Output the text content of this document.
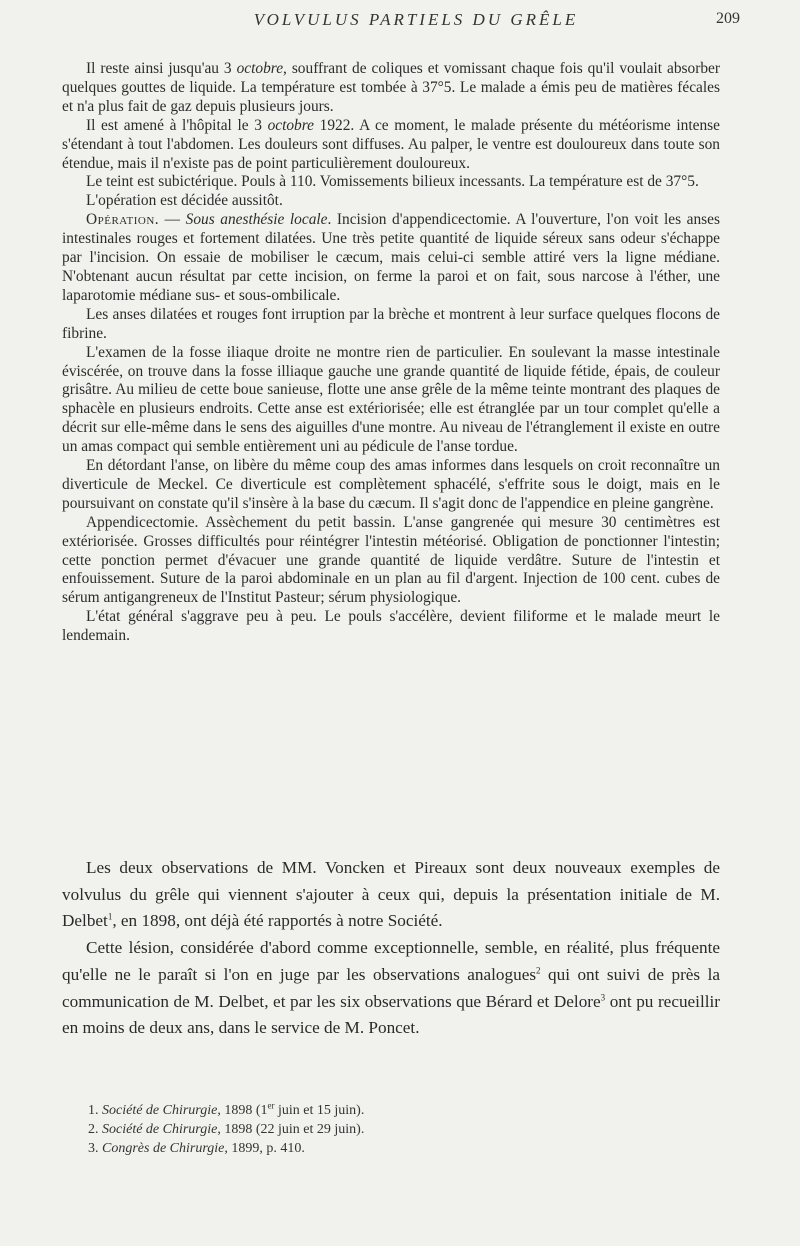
VOLVULUS PARTIELS DU GRÊLE	209

Il reste ainsi jusqu'au 3 octobre, souffrant de coliques et vomissant chaque fois qu'il voulait absorber quelques gouttes de liquide. La température est tombée à 37°5. Le malade a émis peu de matières fécales et n'a plus fait de gaz depuis plusieurs jours.

Il est amené à l'hôpital le 3 octobre 1922. A ce moment, le malade présente du météorisme intense s'étendant à tout l'abdomen. Les douleurs sont diffuses. Au palper, le ventre est douloureux dans toute son étendue, mais il n'existe pas de point particulièrement douloureux.

Le teint est subictérique. Pouls à 110. Vomissements bilieux incessants. La température est de 37°5.

L'opération est décidée aussitôt.

Opération. — Sous anesthésie locale. Incision d'appendicectomie. A l'ouverture, l'on voit les anses intestinales rouges et fortement dilatées. Une très petite quantité de liquide séreux sans odeur s'échappe par l'incision. On essaie de mobiliser le cæcum, mais celui-ci semble attiré vers la ligne médiane. N'obtenant aucun résultat par cette incision, on ferme la paroi et on fait, sous narcose à l'éther, une laparotomie médiane sus- et sous-ombilicale.

Les anses dilatées et rouges font irruption par la brèche et montrent à leur surface quelques flocons de fibrine.

L'examen de la fosse iliaque droite ne montre rien de particulier. En soulevant la masse intestinale éviscérée, on trouve dans la fosse illiaque gauche une grande quantité de liquide fétide, épais, de couleur grisâtre. Au milieu de cette boue sanieuse, flotte une anse grêle de la même teinte montrant des plaques de sphacèle en plusieurs endroits. Cette anse est extériorisée; elle est étranglée par un tour complet qu'elle a décrit sur elle-même dans le sens des aiguilles d'une montre. Au niveau de l'étranglement il existe en outre un amas compact qui semble entièrement uni au pédicule de l'anse tordue.

En détordant l'anse, on libère du même coup des amas informes dans lesquels on croit reconnaître un diverticule de Meckel. Ce diverticule est complètement sphacélé, s'effrite sous le doigt, mais en le poursuivant on constate qu'il s'insère à la base du cæcum. Il s'agit donc de l'appendice en pleine gangrène.

Appendicectomie. Assèchement du petit bassin. L'anse gangrenée qui mesure 30 centimètres est extériorisée. Grosses difficultés pour réintégrer l'intestin météorisé. Obligation de ponctionner l'intestin; cette ponction permet d'évacuer une grande quantité de liquide verdâtre. Suture de l'intestin et enfouissement. Suture de la paroi abdominale en un plan au fil d'argent. Injection de 100 cent. cubes de sérum antigangreneux de l'Institut Pasteur; sérum physiologique.

L'état général s'aggrave peu à peu. Le pouls s'accélère, devient filiforme et le malade meurt le lendemain.

Les deux observations de MM. Voncken et Pireaux sont deux nouveaux exemples de volvulus du grêle qui viennent s'ajouter à ceux qui, depuis la présentation initiale de M. Delbet$^1$, en 1898, ont déjà été rapportés à notre Société.

Cette lésion, considérée d'abord comme exceptionnelle, semble, en réalité, plus fréquente qu'elle ne le paraît si l'on en juge par les observations analogues$^2$ qui ont suivi de près la communication de M. Delbet, et par les six observations que Bérard et Delore$^3$ ont pu recueillir en moins de deux ans, dans le service de M. Poncet.

1. Société de Chirurgie, 1898 (1er juin et 15 juin).

2. Société de Chirurgie, 1898 (22 juin et 29 juin).

3. Congrès de Chirurgie, 1899, p. 410.
